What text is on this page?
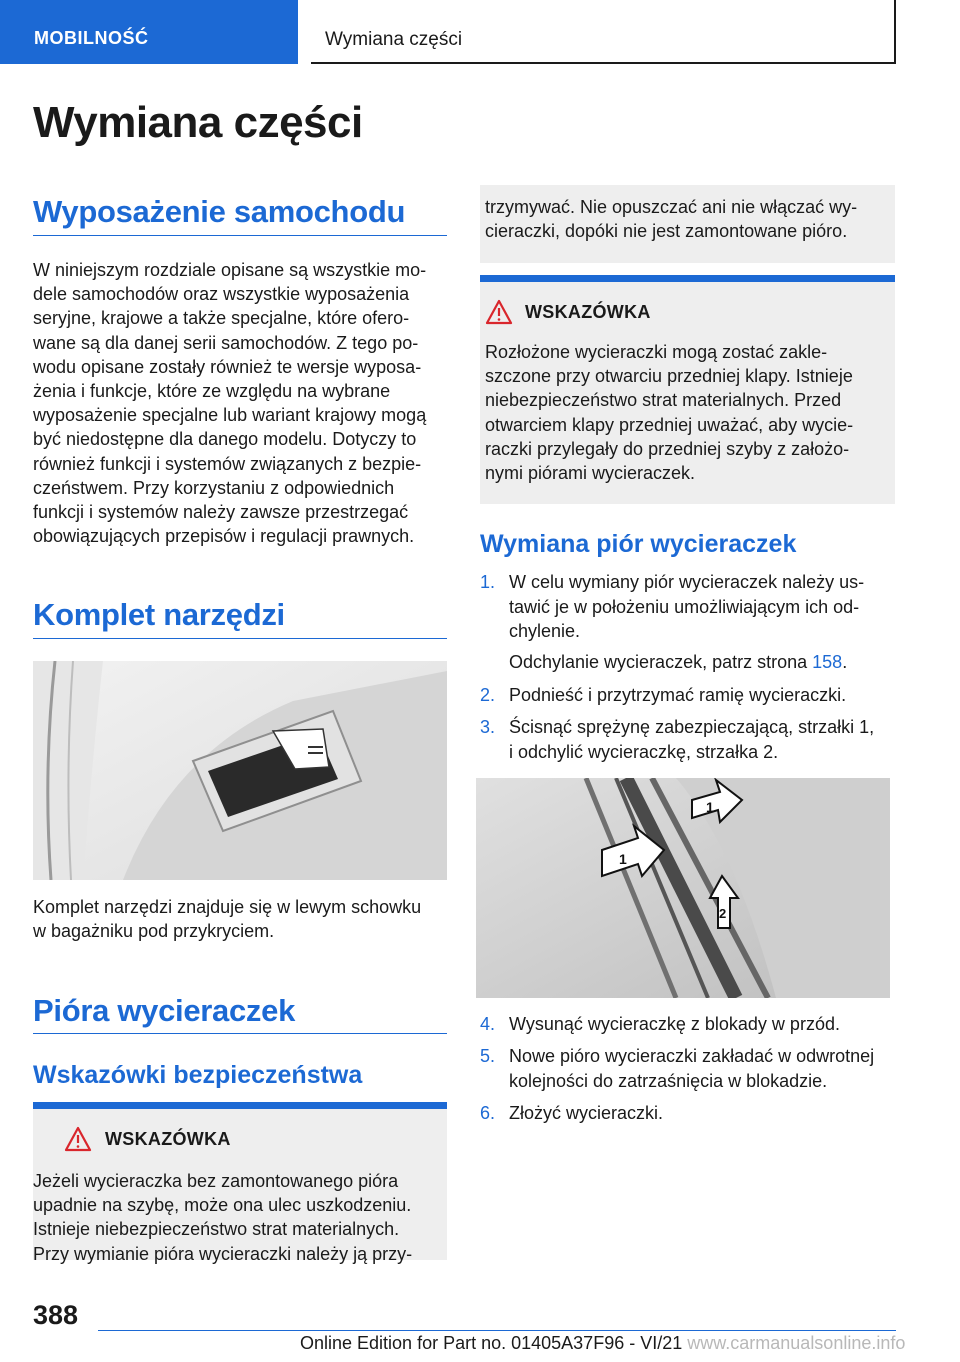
MOBILNOŚĆ	Wymiana części
Wymiana części
Wyposażenie samochodu
W niniejszym rozdziale opisane są wszystkie mo‐
dele samochodów oraz wszystkie wyposażenia
seryjne, krajowe a także specjalne, które ofero‐
wane są dla danej serii samochodów. Z tego po‐
wodu opisane zostały również te wersje wyposa‐
żenia i funkcje, które ze względu na wybrane
wyposażenie specjalne lub wariant krajowy mogą
być niedostępne dla danego modelu. Dotyczy to
również funkcji i systemów związanych z bezpie‐
czeństwem. Przy korzystaniu z odpowiednich
funkcji i systemów należy zawsze przestrzegać
obowiązujących przepisów i regulacji prawnych.
Komplet narzędzi
Komplet narzędzi znajduje się w lewym schowku
w bagażniku pod przykryciem.
Pióra wycieraczek
Wskazówki bezpieczeństwa
WSKAZÓWKA
Jeżeli wycieraczka bez zamontowanego pióra
upadnie na szybę, może ona ulec uszkodzeniu.
Istnieje niebezpieczeństwo strat materialnych.
Przy wymianie pióra wycieraczki należy ją przy‐
trzymywać. Nie opuszczać ani nie włączać wy‐
cieraczki, dopóki nie jest zamontowane pióro.
WSKAZÓWKA
Rozłożone wycieraczki mogą zostać zakle‐
szczone przy otwarciu przedniej klapy. Istnieje
niebezpieczeństwo strat materialnych. Przed
otwarciem klapy przedniej uważać, aby wycie‐
raczki przylegały do przedniej szyby z założo‐
nymi piórami wycieraczek.
Wymiana piór wycieraczek
1. W celu wymiany piór wycieraczek należy us‐
tawić je w położeniu umożliwiającym ich od‐
chylenie.
Odchylanie wycieraczek, patrz strona 158.
2. Podnieść i przytrzymać ramię wycieraczki.
3. Ścisnąć sprężynę zabezpieczającą, strzałki 1,
i odchylić wycieraczkę, strzałka 2.
1
1
2
4. Wysunąć wycieraczkę z blokady w przód.
5. Nowe pióro wycieraczki zakładać w odwrotnej
kolejności do zatrzaśnięcia w blokadzie.
6. Złożyć wycieraczki.
388
Online Edition for Part no. 01405A37F96 - VI/21 www.carmanualsonline.info
